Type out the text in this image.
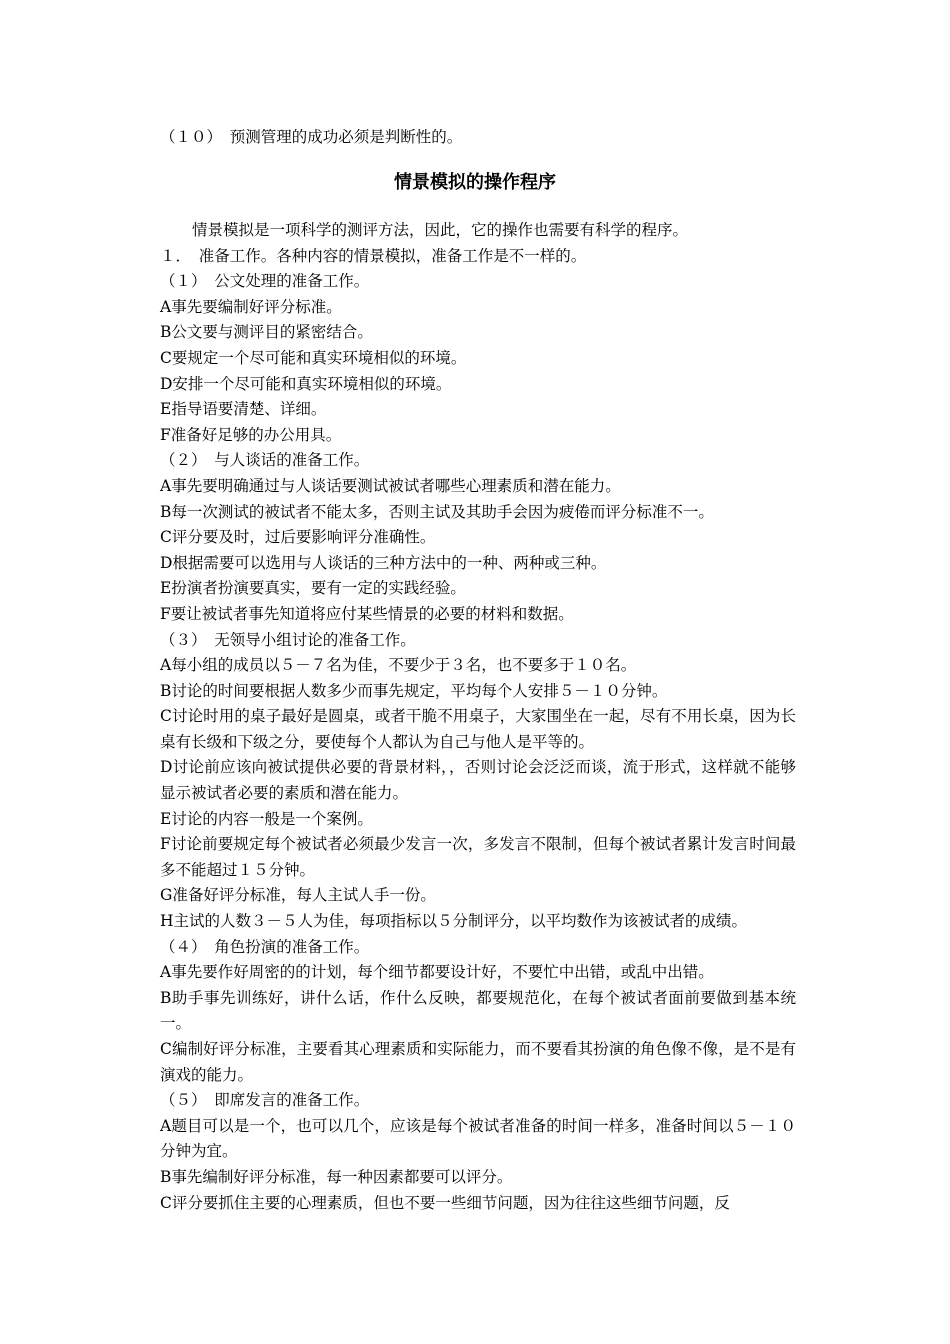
（１０）　预测管理的成功必须是判断性的。
情景模拟的操作程序

情景模拟是一项科学的测评方法，因此，它的操作也需要有科学的程序。

１．　准备工作。各种内容的情景模拟，准备工作是不一样的。

（１）　公文处理的准备工作。

A事先要编制好评分标准。

B公文要与测评目的紧密结合。

C要规定一个尽可能和真实环境相似的环境。

D安排一个尽可能和真实环境相似的环境。

E指导语要清楚、详细。

F准备好足够的办公用具。

（２）　与人谈话的准备工作。

A事先要明确通过与人谈话要测试被试者哪些心理素质和潜在能力。

B每一次测试的被试者不能太多，否则主试及其助手会因为疲倦而评分标准不一。

C评分要及时，过后要影响评分准确性。

D根据需要可以选用与人谈话的三种方法中的一种、两种或三种。

E扮演者扮演要真实，要有一定的实践经验。

F要让被试者事先知道将应付某些情景的必要的材料和数据。

（３）　无领导小组讨论的准备工作。

A每小组的成员以５－７名为佳，不要少于３名，也不要多于１０名。

B讨论的时间要根据人数多少而事先规定，平均每个人安排５－１０分钟。

C讨论时用的桌子最好是圆桌，或者干脆不用桌子，大家围坐在一起，尽有不用长桌，因为长桌有长级和下级之分，要使每个人都认为自己与他人是平等的。

D讨论前应该向被试提供必要的背景材料，，否则讨论会泛泛而谈，流于形式，这样就不能够显示被试者必要的素质和潜在能力。

E讨论的内容一般是一个案例。

F讨论前要规定每个被试者必须最少发言一次，多发言不限制，但每个被试者累计发言时间最多不能超过１５分钟。

G准备好评分标准，每人主试人手一份。

H主试的人数３－５人为佳，每项指标以５分制评分，以平均数作为该被试者的成绩。

（４）　角色扮演的准备工作。

A事先要作好周密的的计划，每个细节都要设计好，不要忙中出错，或乱中出错。

B助手事先训练好，讲什么话，作什么反映，都要规范化，在每个被试者面前要做到基本统一。

C编制好评分标准，主要看其心理素质和实际能力，而不要看其扮演的角色像不像，是不是有演戏的能力。

（５）　即席发言的准备工作。

A题目可以是一个，也可以几个，应该是每个被试者准备的时间一样多，准备时间以５－１０分钟为宜。

B事先编制好评分标准，每一种因素都要可以评分。

C评分要抓住主要的心理素质，但也不要一些细节问题，因为往往这些细节问题，反
